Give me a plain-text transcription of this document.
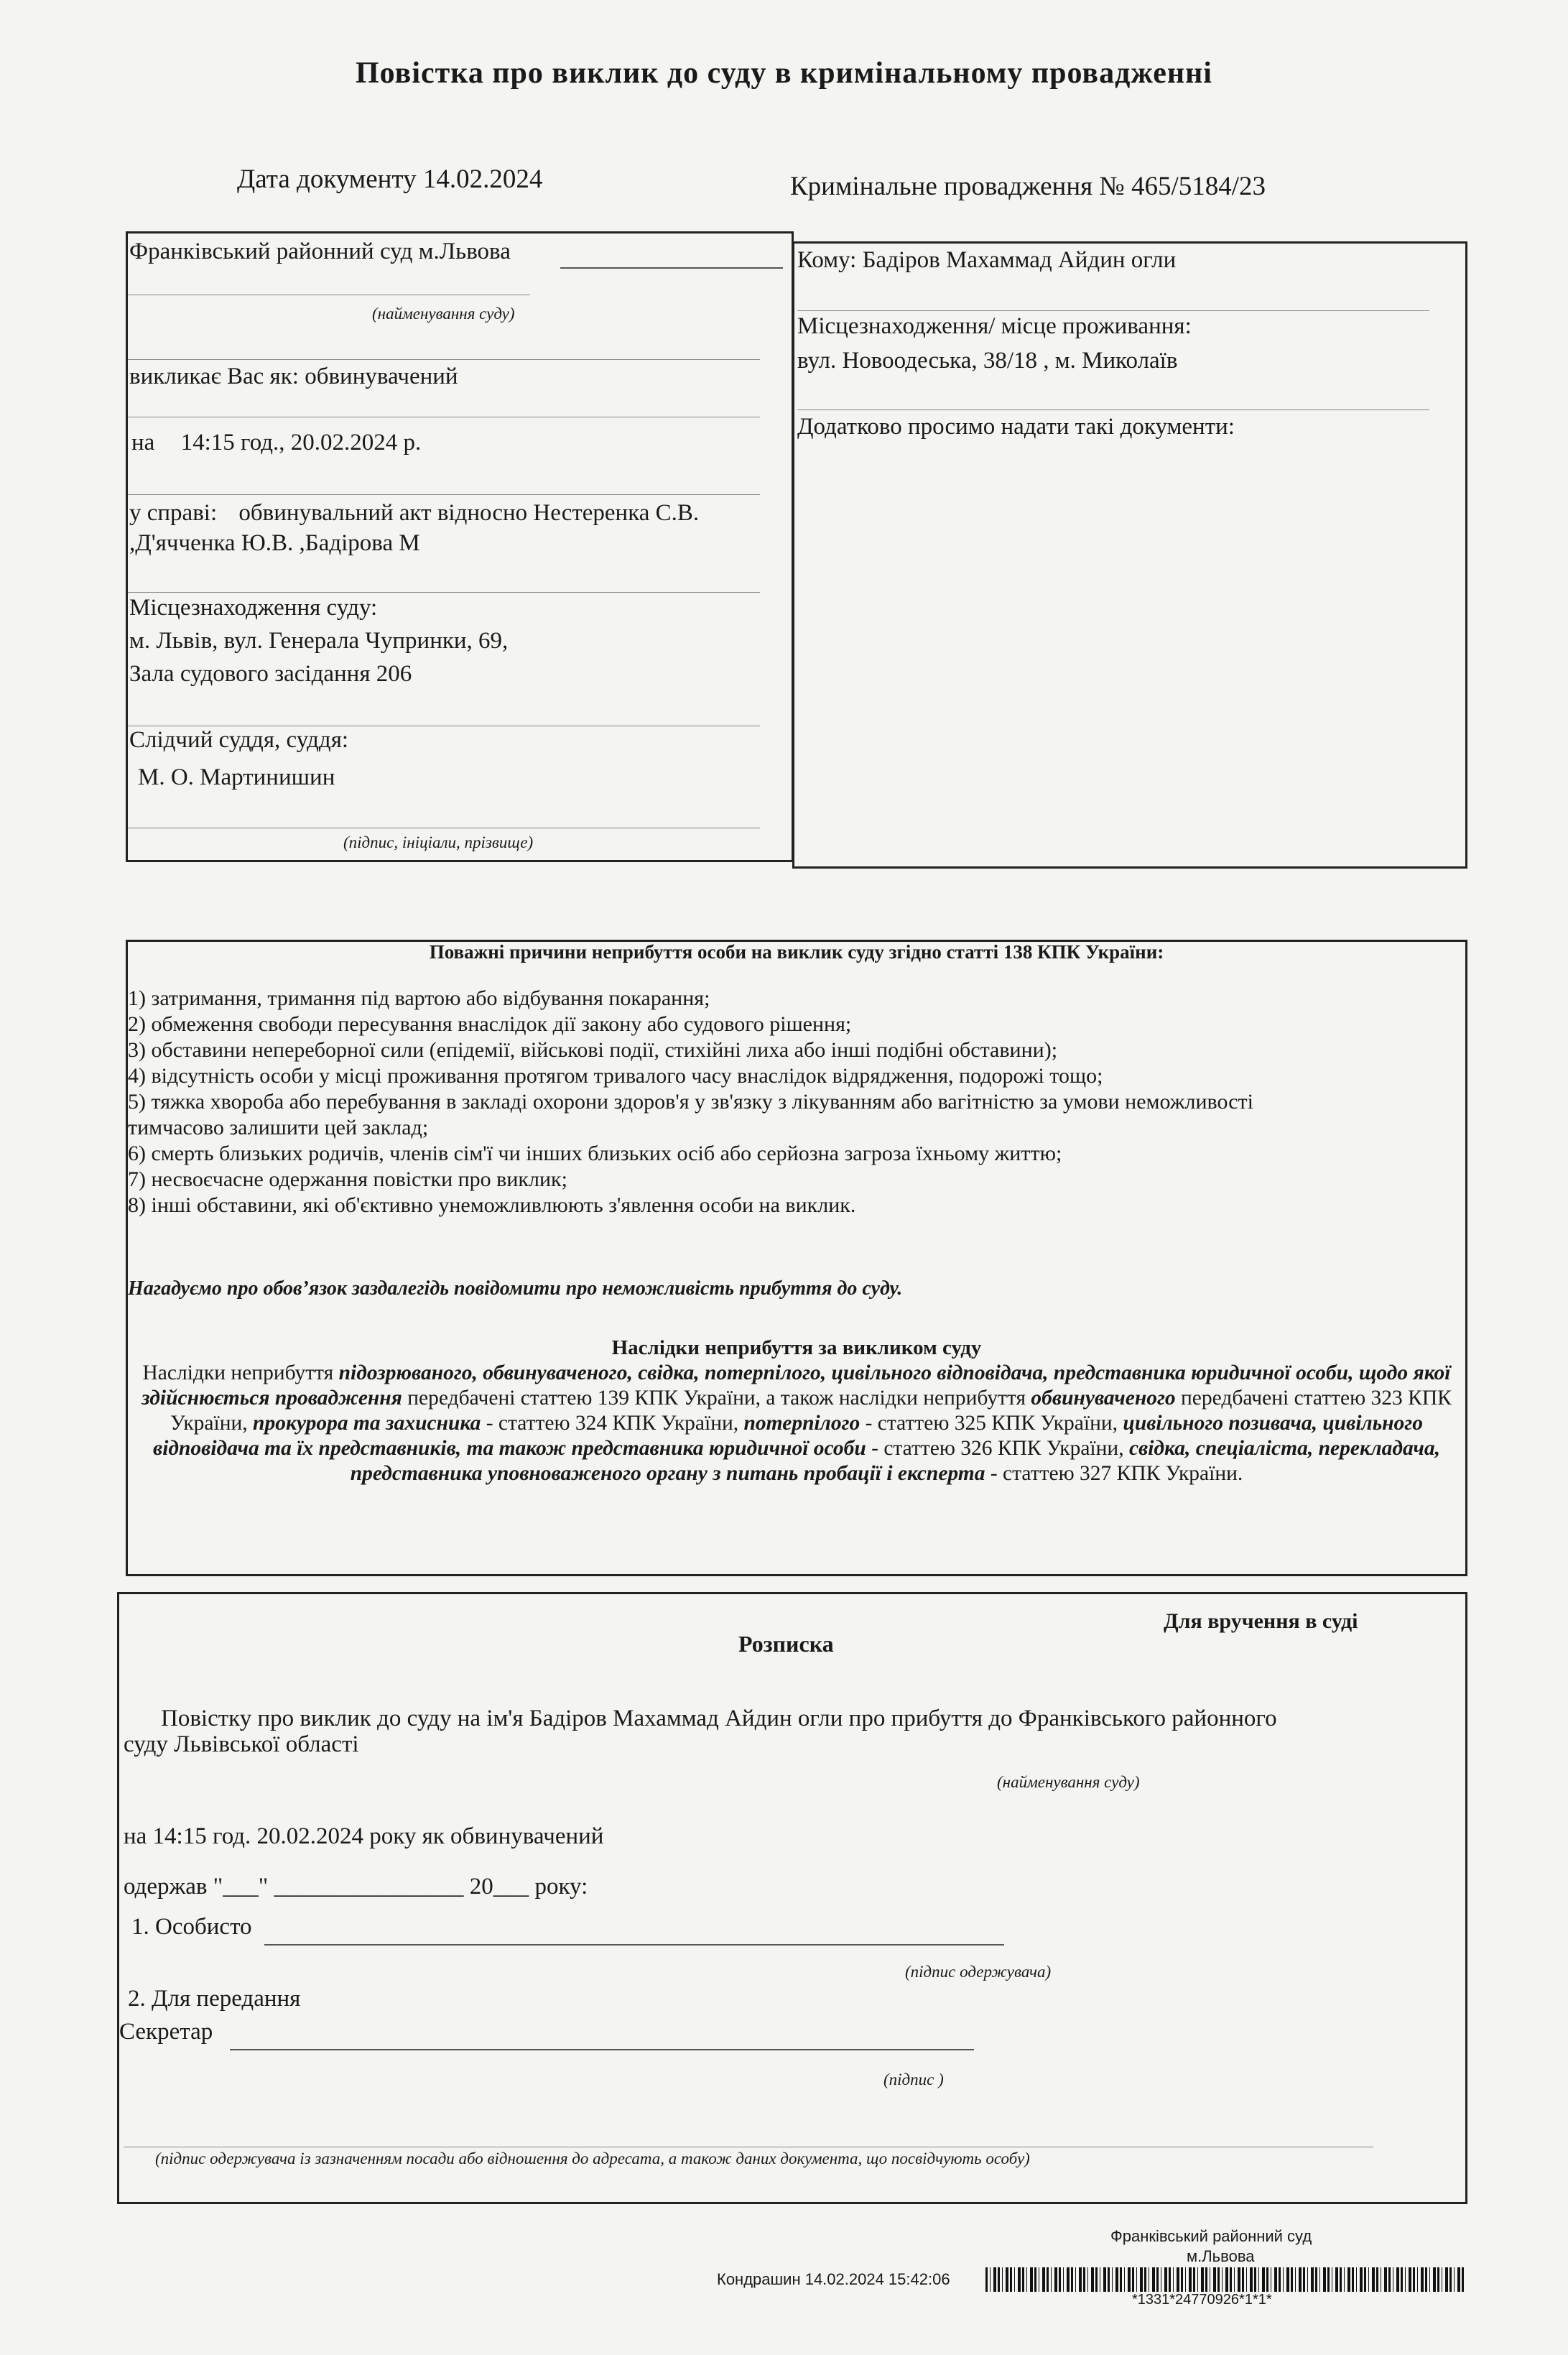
Повістка про виклик до суду в кримінальному провадженні
Дата документу 14.02.2024	Кримінальне провадження № 465/5184/23
Франківський районний суд м.Львова
(найменування суду)
викликає Вас як: обвинувачений
на 14:15 год., 20.02.2024 р.
у справі: обвинувальний акт відносно Нестеренка С.В.
,Д'ячченка Ю.В. ,Бадірова М
Місцезнаходження суду:
м. Львів, вул. Генерала Чупринки, 69,
Зала судового засідання 206
Слідчий суддя, суддя:
М. О. Мартинишин
(підпис, ініціали, прізвище)
Кому: Бадіров Махаммад Айдин огли
Місцезнаходження/ місце проживання:
вул. Новоодеська, 38/18 , м. Миколаїв
Додатково просимо надати такі документи:
Поважні причини неприбуття особи на виклик суду згідно статті 138 КПК України:
1) затримання, тримання під вартою або відбування покарання;
2) обмеження свободи пересування внаслідок дії закону або судового рішення;
3) обставини непереборної сили (епідемії, військові події, стихійні лиха або інші подібні обставини);
4) відсутність особи у місці проживання протягом тривалого часу внаслідок відрядження, подорожі тощо;
5) тяжка хвороба або перебування в закладі охорони здоров'я у зв'язку з лікуванням або вагітністю за умови неможливості
тимчасово залишити цей заклад;
6) смерть близьких родичів, членів сім'ї чи інших близьких осіб або серйозна загроза їхньому життю;
7) несвоєчасне одержання повістки про виклик;
8) інші обставини, які об'єктивно унеможливлюють з'явлення особи на виклик.
Нагадуємо про обов’язок заздалегідь повідомити про неможливість прибуття до суду.
Наслідки неприбуття за викликом суду
Наслідки неприбуття підозрюваного, обвинуваченого, свідка, потерпілого, цивільного відповідача, представника юридичної особи, щодо якої здійснюється провадження передбачені статтею 139 КПК України, а також наслідки неприбуття обвинуваченого передбачені статтею 323 КПК України, прокурора та захисника - статтею 324 КПК України, потерпілого - статтею 325 КПК України, цивільного позивача, цивільного відповідача та їх представників, та також представника юридичної особи - статтею 326 КПК України, свідка, спеціаліста, перекладача, представника уповноваженого органу з питань пробації і експерта - статтею 327 КПК України.
Для вручення в суді
Розписка
Повістку про виклик до суду на ім'я Бадіров Махаммад Айдин огли про прибуття до Франківського районного
суду Львівської області
(найменування суду)
на 14:15 год. 20.02.2024 року як обвинувачений
одержав "___" ________________ 20___ року:
1. Особисто
(підпис одержувача)
2. Для передання
Секретар
(підпис )
(підпис одержувача із зазначенням посади або відношення до адресата, а також даних документа, що посвідчують особу)
Франківський районний суд
м.Львова
Кондрашин 14.02.2024 15:42:06
*1331*24770926*1*1*
